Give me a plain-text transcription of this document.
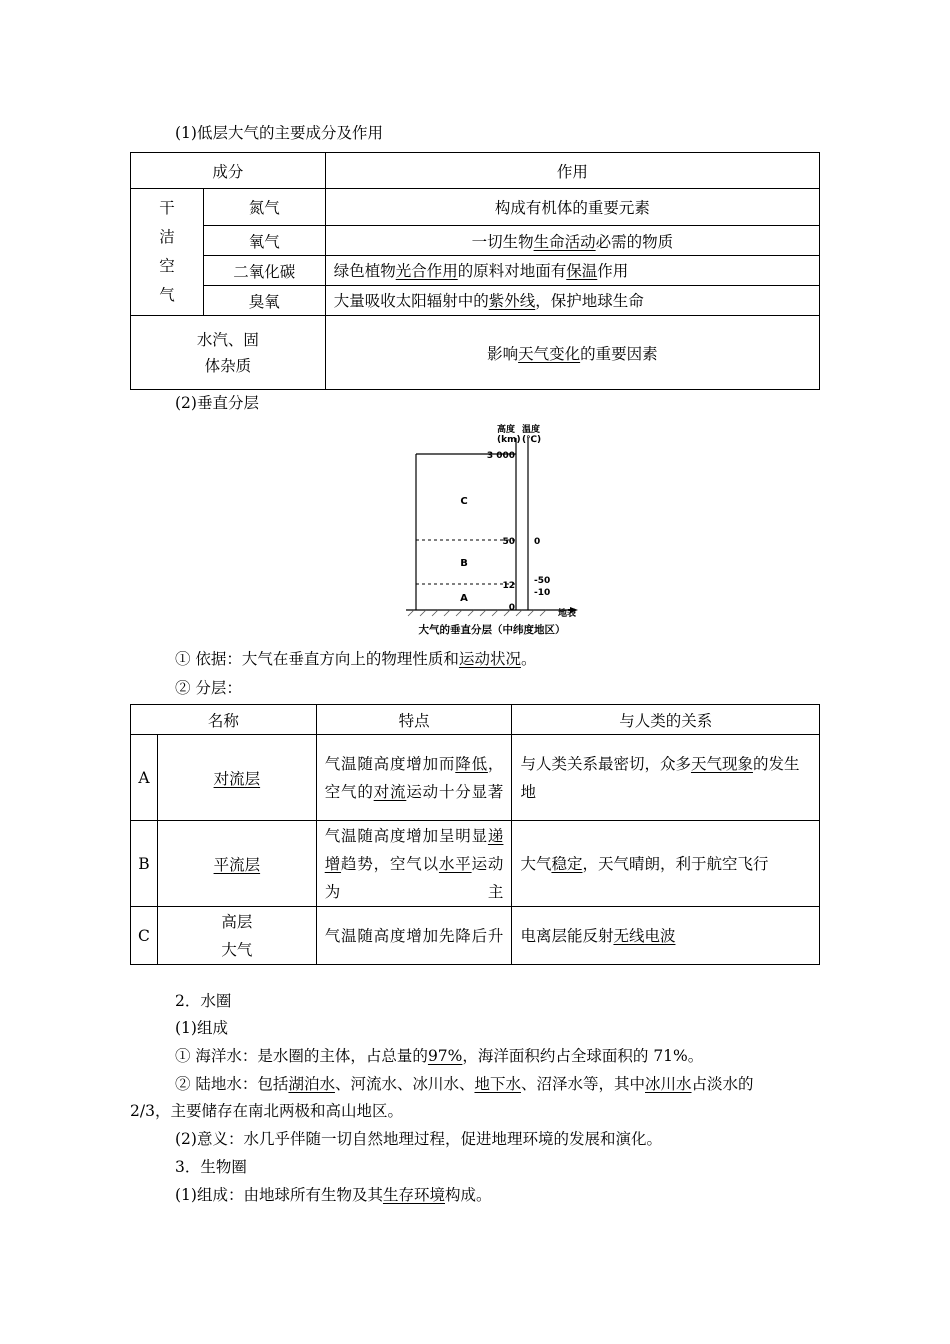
(1)低层大气的主要成分及作用
成分		作用

干
洁
空
气	氮气	构成有机体的重要元素
	氧气	一切生物生命活动必需的物质
	二氧化碳	绿色植物光合作用的原料对地面有保温作用
	臭氧	大量吸收太阳辐射中的紫外线，保护地球生命

水汽、固
体杂质		影响天气变化的重要因素
(2)垂直分层
高度(km)
温度(℃)
C
B
A
3 000
50
12
0
0
-50
-10
地表
大气的垂直分层（中纬度地区）
① 依据：大气在垂直方向上的物理性质和运动状况。
② 分层：
名称		特点	与人类的关系
A	对流层	气温随高度增加而降低，空气的对流运动十分显著	与人类关系最密切，众多天气现象的发生地
B	平流层	气温随高度增加呈明显递增趋势，空气以水平运动为主	大气稳定，天气晴朗，利于航空飞行
C	高层
大气	气温随高度增加先降后升	电离层能反射无线电波
2．水圈
(1)组成
① 海洋水：是水圈的主体，占总量的97%，海洋面积约占全球面积的 71%。
② 陆地水：包括湖泊水、河流水、冰川水、地下水、沼泽水等，其中冰川水占淡水的
2/3，主要储存在南北两极和高山地区。
(2)意义：水几乎伴随一切自然地理过程，促进地理环境的发展和演化。
3．生物圈
(1)组成：由地球所有生物及其生存环境构成。
